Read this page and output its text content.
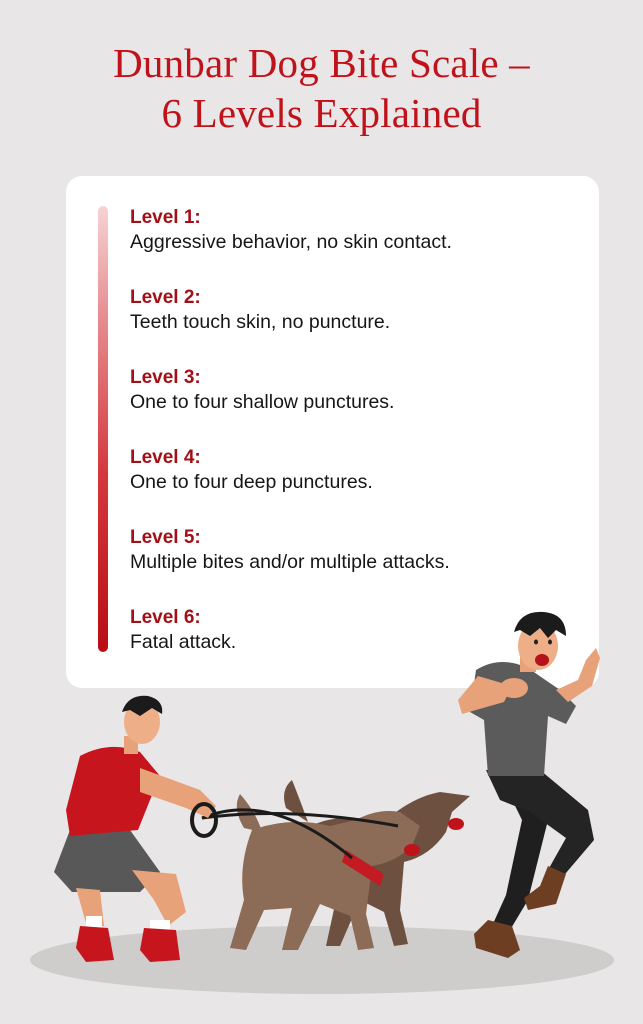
Dunbar Dog Bite Scale –
6 Levels Explained
Level 1:
Aggressive behavior, no skin contact.
Level 2:
Teeth touch skin, no puncture.
Level 3:
One to four shallow punctures.
Level 4:
One to four deep punctures.
Level 5:
Multiple bites and/or multiple attacks.
Level 6:
Fatal attack.
